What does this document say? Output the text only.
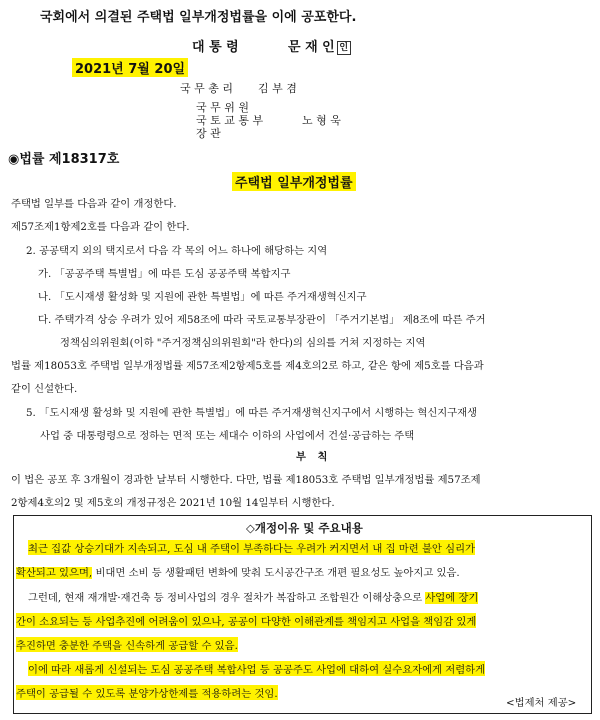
국회에서 의결된 주택법 일부개정법률을 이에 공포한다.
대 통 령	문 재 인 인
2021년 7월 20일
국 무 총 리 김 부 겸
국 무 위 원
국 토 교 통 부
장 관
노 형 욱
◉법률 제18317호
주택법 일부개정법률
주택법 일부를 다음과 같이 개정한다.
제57조제1항제2호를 다음과 같이 한다.
2. 공공택지 외의 택지로서 다음 각 목의 어느 하나에 해당하는 지역
가. 「공공주택 특별법」에 따른 도심 공공주택 복합지구
나. 「도시재생 활성화 및 지원에 관한 특별법」에 따른 주거재생혁신지구
다. 주택가격 상승 우려가 있어 제58조에 따라 국토교통부장관이 「주거기본법」 제8조에 따른 주거
정책심의위원회(이하 "주거정책심의위원회"라 한다)의 심의를 거쳐 지정하는 지역
법률 제18053호 주택법 일부개정법률 제57조제2항제5호를 제4호의2로 하고, 같은 항에 제5호를 다음과
같이 신설한다.
5. 「도시재생 활성화 및 지원에 관한 특별법」에 따른 주거재생혁신지구에서 시행하는 혁신지구재생
사업 중 대통령령으로 정하는 면적 또는 세대수 이하의 사업에서 건설·공급하는 주택
부 칙
이 법은 공포 후 3개월이 경과한 날부터 시행한다. 다만, 법률 제18053호 주택법 일부개정법률 제57조제
2항제4호의2 및 제5호의 개정규정은 2021년 10월 14일부터 시행한다.
◇개정이유 및 주요내용
최근 집값 상승기대가 지속되고, 도심 내 주택이 부족하다는 우려가 커지면서 내 집 마련 불안 심리가
확산되고 있으며, 비대면 소비 등 생활패턴 변화에 맞춰 도시공간구조 개편 필요성도 높아지고 있음.
그런데, 현재 재개발·재건축 등 정비사업의 경우 절차가 복잡하고 조합원간 이해상충으로 사업에 장기
간이 소요되는 등 사업추진에 어려움이 있으나, 공공이 다양한 이해관계를 책임지고 사업을 책임감 있게
추진하면 충분한 주택을 신속하게 공급할 수 있음.
이에 따라 새롭게 신설되는 도심 공공주택 복합사업 등 공공주도 사업에 대하여 실수요자에게 저렴하게
주택이 공급될 수 있도록 분양가상한제를 적용하려는 것임.
<법제처 제공>
